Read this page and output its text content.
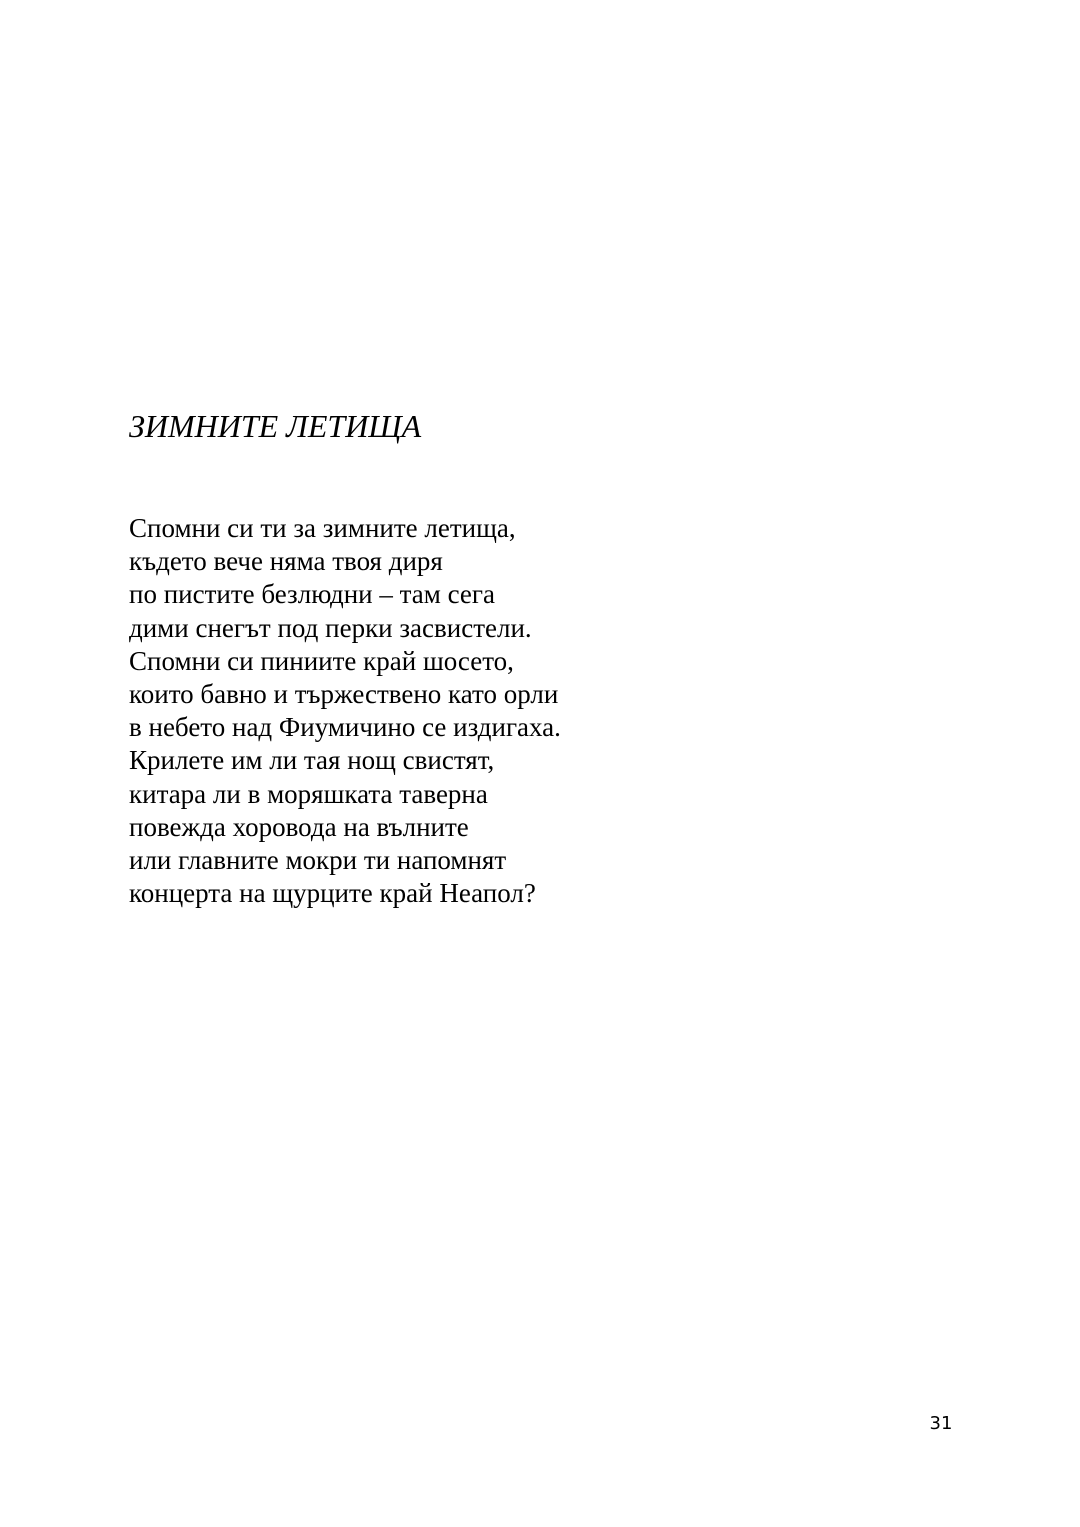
ЗИМНИТЕ ЛЕТИЩА

Спомни си ти за зимните летища,

където вече няма твоя диря

по пистите безлюдни – там сега

дими снегът под перки засвистели.

Спомни си пиниите край шосето,

които бавно и тържествено като орли

в небето над Фиумичино се издигаха.

Крилете им ли тая нощ свистят,

китара ли в моряшката таверна

повежда хоровода на вълните

или главните мокри ти напомнят

концерта на щурците край Неапол?

31
